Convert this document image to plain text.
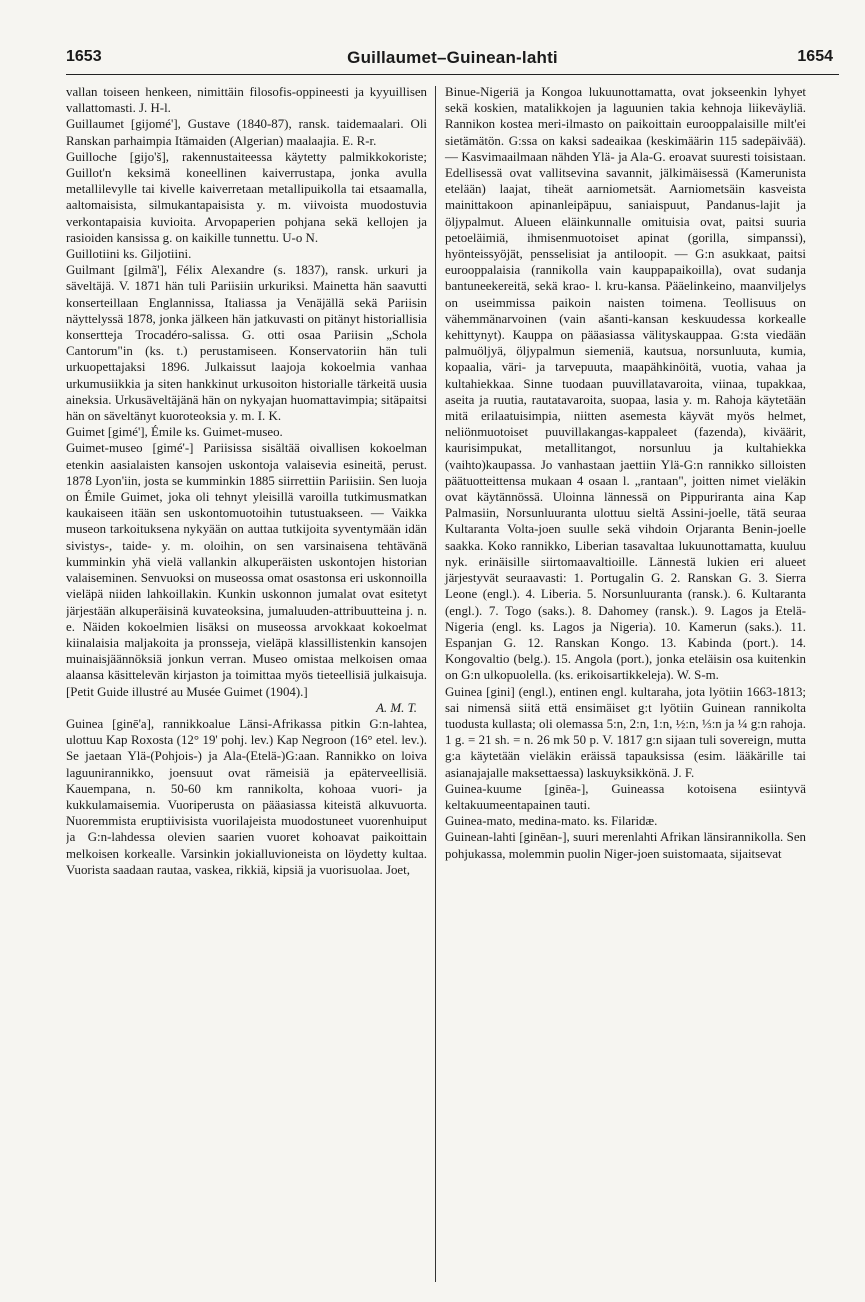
1653	Guillaumet–Guinean-lahti	1654

vallan toiseen henkeen, nimittäin filosofis-oppineesti ja kyyuillisen vallattomasti. J. H-l.

Guillaumet [gijomé'], Gustave (1840-87), ransk. taidemaalari. Oli Ranskan parhaimpia Itämaiden (Algerian) maalaajia. E. R-r.

Guilloche [gijo'š], rakennustaiteessa käytetty palmikkokoriste; Guillot'n keksimä koneellinen kaiverrustapa, jonka avulla metallilevylle tai kivelle kaiverretaan metallipuikolla tai etsaamalla, aaltomaisista, silmukantapaisista y. m. viivoista muodostuvia verkontapaisia kuvioita. Arvopaperien pohjana sekä kellojen ja rasioiden kansissa g. on kaikille tunnettu. U-o N.

Guillotiini ks. Giljotiini.

Guilmant [gilmã'], Félix Alexandre (s. 1837), ransk. urkuri ja säveltäjä. V. 1871 hän tuli Pariisiin urkuriksi. Mainetta hän saavutti konserteillaan Englannissa, Italiassa ja Venäjällä sekä Pariisin näyttelyssä 1878, jonka jälkeen hän jatkuvasti on pitänyt historiallisia konsertteja Trocadéro-salissa. G. otti osaa Pariisin „Schola Cantorum"in (ks. t.) perustamiseen. Konservatoriin hän tuli urkuopettajaksi 1896. Julkaissut laajoja kokoelmia vanhaa urkumusiikkia ja siten hankkinut urkusoiton historialle tärkeitä uusia aineksia. Urkusäveltäjänä hän on nykyajan huomattavimpia; sitäpaitsi hän on säveltänyt kuoroteoksia y. m. I. K.

Guimet [gimé'], Émile ks. Guimet-museo.

Guimet-museo [gimé'-] Pariisissa sisältää oivallisen kokoelman etenkin aasialaisten kansojen uskontoja valaisevia esineitä, perust. 1878 Lyon'iin, josta se kumminkin 1885 siirrettiin Pariisiin. Sen luoja on Émile Guimet, joka oli tehnyt yleisillä varoilla tutkimusmatkan kaukaiseen itään sen uskontomuotoihin tutustuakseen. — Vaikka museon tarkoituksena nykyään on auttaa tutkijoita syventymään idän sivistys-, taide- y. m. oloihin, on sen varsinaisena tehtävänä kumminkin yhä vielä vallankin alkuperäisten uskontojen historian valaiseminen. Senvuoksi on museossa omat osastonsa eri uskonnoilla vieläpä niiden lahkoillakin. Kunkin uskonnon jumalat ovat esitetyt järjestään alkuperäisinä kuvateoksina, jumaluuden-attribuutteina j. n. e. Näiden kokoelmien lisäksi on museossa arvokkaat kokoelmat kiinalaisia maljakoita ja pronsseja, vieläpä klassillistenkin kansojen muinaisjäännöksiä jonkun verran. Museo omistaa melkoisen omaa alaansa käsittelevän kirjaston ja toimittaa myös tieteellisiä julkaisuja. [Petit Guide illustré au Musée Guimet (1904).]

A. M. T.

Guinea [ginē'a], rannikkoalue Länsi-Afrikassa pitkin G:n-lahtea, ulottuu Kap Roxosta (12° 19' pohj. lev.) Kap Negroon (16° etel. lev.). Se jaetaan Ylä-(Pohjois-) ja Ala-(Etelä-)G:aan. Rannikko on loiva laguunirannikko, joensuut ovat rämeisiä ja epäterveellisiä. Kauempana, n. 50-60 km rannikolta, kohoaa vuori- ja kukkulamaisemia. Vuoriperusta on pääasiassa kiteistä alkuvuorta. Nuoremmista eruptiivisista vuorilajeista muodostuneet vuorenhuiput ja G:n-lahdessa olevien saarien vuoret kohoavat paikoittain melkoisen korkealle. Varsinkin jokialluvioneista on löydetty kultaa. Vuorista saadaan rautaa, vaskea, rikkiä, kipsiä ja vuorisuolaa. Joet,

Binue-Nigeriä ja Kongoa lukuunottamatta, ovat jokseenkin lyhyet sekä koskien, matalikkojen ja laguunien takia kehnoja liikeväyliä. Rannikon kostea meri-ilmasto on paikoittain eurooppalaisille milt'ei sietämätön. G:ssa on kaksi sadeaikaa (keskimäärin 115 sadepäivää). — Kasvimaailmaan nähden Ylä- ja Ala-G. eroavat suuresti toisistaan. Edellisessä ovat vallitsevina savannit, jälkimäisessä (Kamerunista etelään) laajat, tiheät aarniometsät. Aarniometsäin kasveista mainittakoon apinanleipäpuu, saniaispuut, Pandanus-lajit ja öljypalmut. Alueen eläinkunnalle omituisia ovat, paitsi suuria petoeläimiä, ihmisenmuotoiset apinat (gorilla, simpanssi), hyönteissyöjät, pensselisiat ja antiloopit. — G:n asukkaat, paitsi eurooppalaisia (rannikolla vain kauppapaikoilla), ovat sudanja bantuneekereitä, sekä krao- l. kru-kansa. Pääelinkeino, maanviljelys on useimmissa paikoin naisten toimena. Teollisuus on vähemmänarvoinen (vain ašanti-kansan keskuudessa korkealle kehittynyt). Kauppa on pääasiassa välityskauppaa. G:sta viedään palmuöljyä, öljypalmun siemeniä, kautsua, norsunluuta, kumia, kopaalia, väri- ja tarvepuuta, maapähkinöitä, vuotia, vahaa ja kultahiekkaa. Sinne tuodaan puuvillatavaroita, viinaa, tupakkaa, aseita ja ruutia, rautatavaroita, suopaa, lasia y. m. Rahoja käytetään mitä erilaatuisimpia, niitten asemesta käyvät myös helmet, neliönmuotoiset puuvillakangas-kappaleet (fazenda), kiväärit, kaurisimpukat, metallitangot, norsunluu ja kultahiekka (vaihto)kaupassa. Jo vanhastaan jaettiin Ylä-G:n rannikko silloisten päätuotteittensa mukaan 4 osaan l. „rantaan", joitten nimet vieläkin ovat käytännössä. Uloinna lännessä on Pippuriranta aina Kap Palmasiin, Norsunluuranta ulottuu sieltä Assini-joelle, tätä seuraa Kultaranta Volta-joen suulle sekä vihdoin Orjaranta Benin-joelle saakka. Koko rannikko, Liberian tasavaltaa lukuunottamatta, kuuluu nyk. erinäisille siirtomaavaltioille. Lännestä lukien eri alueet järjestyvät seuraavasti: 1. Portugalin G. 2. Ranskan G. 3. Sierra Leone (engl.). 4. Liberia. 5. Norsunluuranta (ransk.). 6. Kultaranta (engl.). 7. Togo (saks.). 8. Dahomey (ransk.). 9. Lagos ja Etelä-Nigeria (engl. ks. Lagos ja Nigeria). 10. Kamerun (saks.). 11. Espanjan G. 12. Ranskan Kongo. 13. Kabinda (port.). 14. Kongovaltio (belg.). 15. Angola (port.), jonka eteläisin osa kuitenkin on G:n ulkopuolella. (ks. erikoisartikkeleja). W. S-m.

Guinea [gini] (engl.), entinen engl. kultaraha, jota lyötiin 1663-1813; sai nimensä siitä että ensimäiset g:t lyötiin Guinean rannikolta tuodusta kullasta; oli olemassa 5:n, 2:n, 1:n, ½:n, ⅓:n ja ¼ g:n rahoja. 1 g. = 21 sh. = n. 26 mk 50 p. V. 1817 g:n sijaan tuli sovereign, mutta g:a käytetään vieläkin eräissä tapauksissa (esim. lääkärille tai asianajajalle maksettaessa) laskuyksikkönä. J. F.

Guinea-kuume [ginēa-], Guineassa kotoisena esiintyvä keltakuumeentapainen tauti.

Guinea-mato, medina-mato. ks. Filaridæ.

Guinean-lahti [ginēan-], suuri merenlahti Afrikan länsirannikolla. Sen pohjukassa, molemmin puolin Niger-joen suistomaata, sijaitsevat
